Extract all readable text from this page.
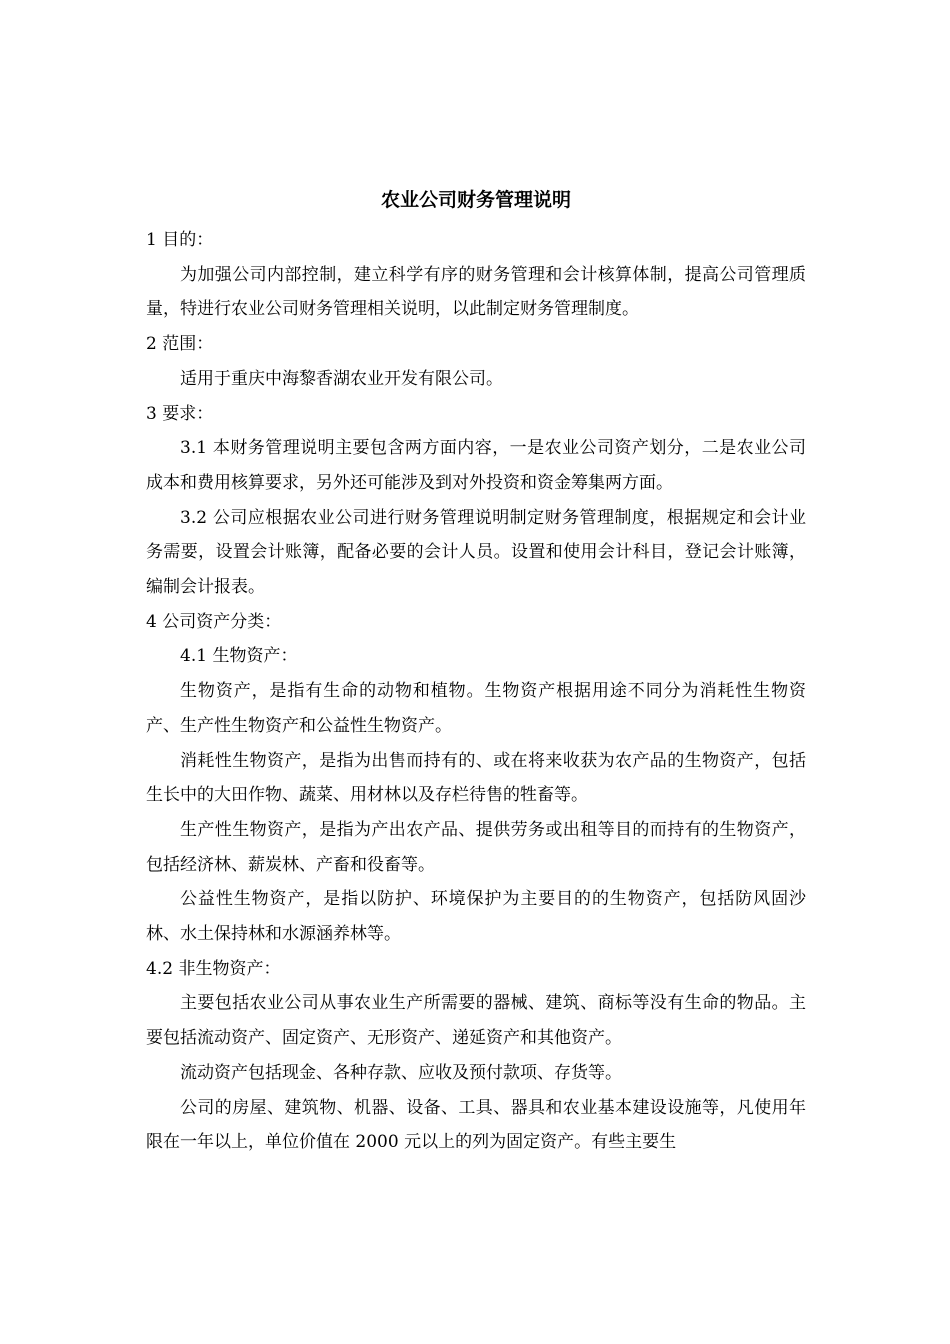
农业公司财务管理说明

1 目的：

为加强公司内部控制，建立科学有序的财务管理和会计核算体制，提高公司管理质量，特进行农业公司财务管理相关说明，以此制定财务管理制度。

2 范围：

适用于重庆中海黎香湖农业开发有限公司。

3 要求：

3.1 本财务管理说明主要包含两方面内容，一是农业公司资产划分，二是农业公司成本和费用核算要求，另外还可能涉及到对外投资和资金筹集两方面。

3.2 公司应根据农业公司进行财务管理说明制定财务管理制度，根据规定和会计业务需要，设置会计账簿，配备必要的会计人员。设置和使用会计科目，登记会计账簿，编制会计报表。

4 公司资产分类：

4.1 生物资产：

生物资产，是指有生命的动物和植物。生物资产根据用途不同分为消耗性生物资产、生产性生物资产和公益性生物资产。

消耗性生物资产，是指为出售而持有的、或在将来收获为农产品的生物资产，包括生长中的大田作物、蔬菜、用材林以及存栏待售的牲畜等。

生产性生物资产，是指为产出农产品、提供劳务或出租等目的而持有的生物资产，包括经济林、薪炭林、产畜和役畜等。

公益性生物资产，是指以防护、环境保护为主要目的的生物资产，包括防风固沙林、水土保持林和水源涵养林等。

4.2 非生物资产：

主要包括农业公司从事农业生产所需要的器械、建筑、商标等没有生命的物品。主要包括流动资产、固定资产、无形资产、递延资产和其他资产。

流动资产包括现金、各种存款、应收及预付款项、存货等。

公司的房屋、建筑物、机器、设备、工具、器具和农业基本建设设施等，凡使用年限在一年以上，单位价值在 2000 元以上的列为固定资产。有些主要生
